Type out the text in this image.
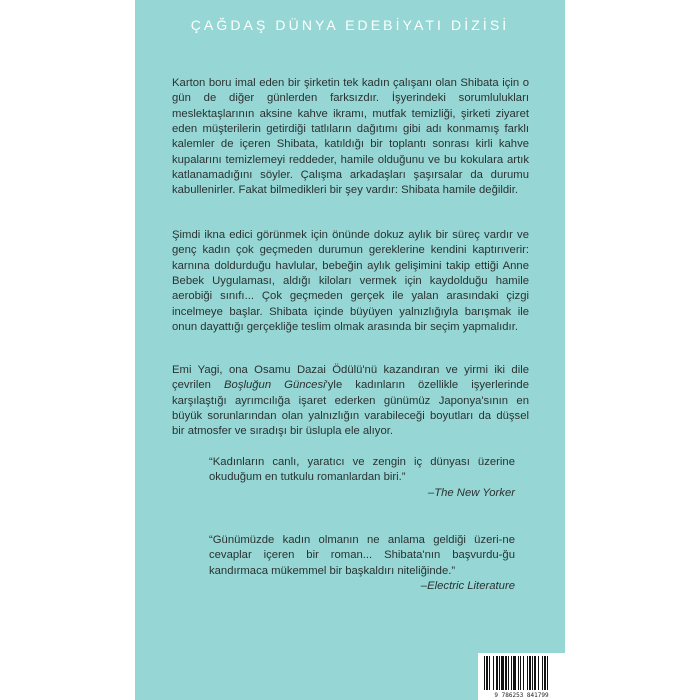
ÇAĞDAŞ DÜNYA EDEBİYATI DİZİSİ
Karton boru imal eden bir şirketin tek kadın çalışanı olan Shibata için o gün de diğer günlerden farksızdır. İşyerindeki sorumlulukları meslektaşlarının aksine kahve ikramı, mutfak temizliği, şirketi ziyaret eden müşterilerin getirdiği tatlıların dağıtımı gibi adı konmamış farklı kalemler de içeren Shibata, katıldığı bir toplantı sonrası kirli kahve kupalarını temizlemeyi reddeder, hamile olduğunu ve bu kokulara artık katlanamadığını söyler. Çalışma arkadaşları şaşırsalar da durumu kabullenirler. Fakat bilmedikleri bir şey vardır: Shibata hamile değildir.
Şimdi ikna edici görünmek için önünde dokuz aylık bir süreç vardır ve genç kadın çok geçmeden durumun gereklerine kendini kaptırıverir: karnına doldurduğu havlular, bebeğin aylık gelişimini takip ettiği Anne Bebek Uygulaması, aldığı kiloları vermek için kaydolduğu hamile aerobiği sınıfı... Çok geçmeden gerçek ile yalan arasındaki çizgi incelmeye başlar. Shibata içinde büyüyen yalnızlığıyla barışmak ile onun dayattığı gerçekliğe teslim olmak arasında bir seçim yapmalıdır.
Emi Yagi, ona Osamu Dazai Ödülü'nü kazandıran ve yirmi iki dile çevrilen Boşluğun Güncesi'yle kadınların özellikle işyerlerinde karşılaştığı ayrımcılığa işaret ederken günümüz Japonya'sının en büyük sorunlarından olan yalnızlığın varabileceği boyutları da düşsel bir atmosfer ve sıradışı bir üslupla ele alıyor.
“Kadınların canlı, yaratıcı ve zengin iç dünyası üzerine okuduğum en tutkulu romanlardan biri.”
–The New Yorker
“Günümüzde kadın olmanın ne anlama geldiği üzeri-ne cevaplar içeren bir roman... Shibata'nın başvurdu-ğu kandırmaca mükemmel bir başkaldırı niteliğinde.”
–Electric Literature
9 786253 841799
